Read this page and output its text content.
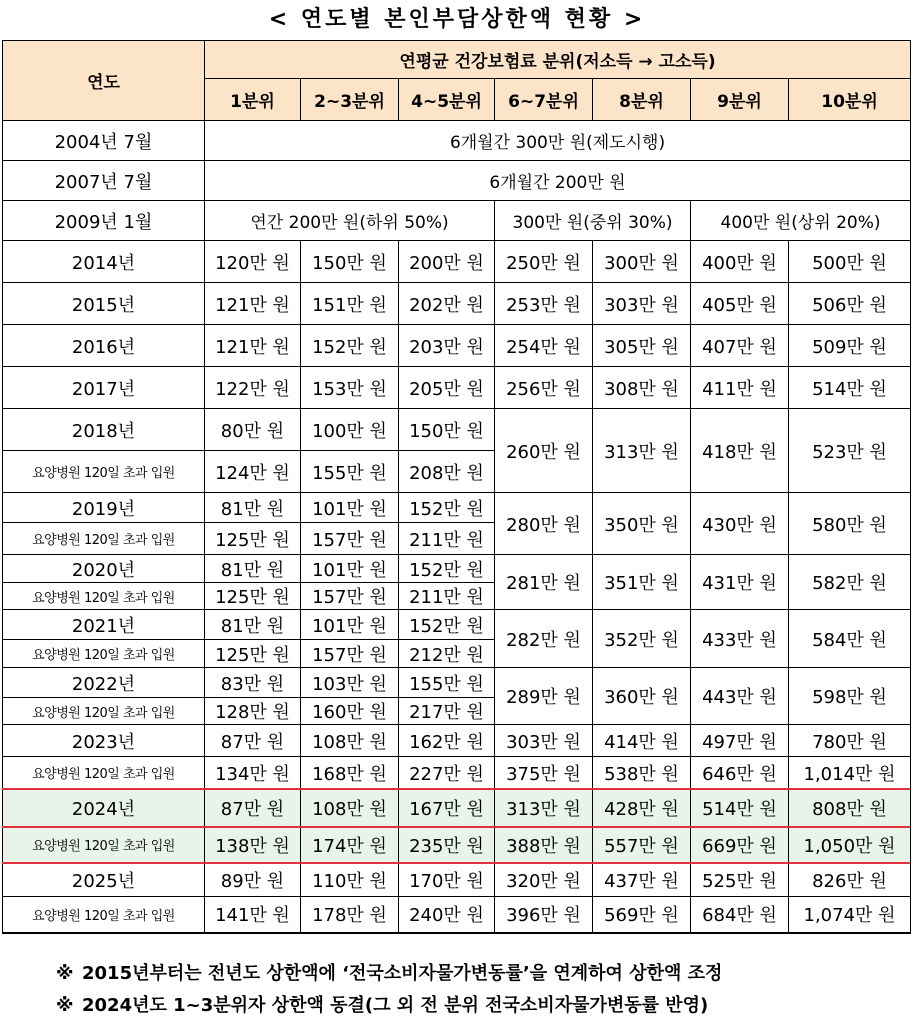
< 연도별 본인부담상한액 현황 >
연도	연평균 건강보험료 분위(저소득 → 고소득)						
	1분위	2~3분위	4~5분위	6~7분위	8분위	9분위	10분위
2004년 7월	6개월간 300만 원(제도시행)						
2007년 7월	6개월간 200만 원						
2009년 1월	연간 200만 원(하위 50%)			300만 원(중위 30%)		400만 원(상위 20%)	
2014년	120만 원	150만 원	200만 원	250만 원	300만 원	400만 원	500만 원
2015년	121만 원	151만 원	202만 원	253만 원	303만 원	405만 원	506만 원
2016년	121만 원	152만 원	203만 원	254만 원	305만 원	407만 원	509만 원
2017년	122만 원	153만 원	205만 원	256만 원	308만 원	411만 원	514만 원
2018년	80만 원	100만 원	150만 원	260만 원	313만 원	418만 원	523만 원
요양병원 120일 초과 입원	124만 원	155만 원	208만 원				
2019년	81만 원	101만 원	152만 원	280만 원	350만 원	430만 원	580만 원
요양병원 120일 초과 입원	125만 원	157만 원	211만 원				
2020년	81만 원	101만 원	152만 원	281만 원	351만 원	431만 원	582만 원
요양병원 120일 초과 입원	125만 원	157만 원	211만 원				
2021년	81만 원	101만 원	152만 원	282만 원	352만 원	433만 원	584만 원
요양병원 120일 초과 입원	125만 원	157만 원	212만 원				
2022년	83만 원	103만 원	155만 원	289만 원	360만 원	443만 원	598만 원
요양병원 120일 초과 입원	128만 원	160만 원	217만 원				
2023년	87만 원	108만 원	162만 원	303만 원	414만 원	497만 원	780만 원
요양병원 120일 초과 입원	134만 원	168만 원	227만 원	375만 원	538만 원	646만 원	1,014만 원
2024년	87만 원	108만 원	167만 원	313만 원	428만 원	514만 원	808만 원
요양병원 120일 초과 입원	138만 원	174만 원	235만 원	388만 원	557만 원	669만 원	1,050만 원
2025년	89만 원	110만 원	170만 원	320만 원	437만 원	525만 원	826만 원
요양병원 120일 초과 입원	141만 원	178만 원	240만 원	396만 원	569만 원	684만 원	1,074만 원
※ 2015년부터는 전년도 상한액에 ‘전국소비자물가변동률’을 연계하여 상한액 조정
※ 2024년도 1~3분위자 상한액 동결(그 외 전 분위 전국소비자물가변동률 반영)
